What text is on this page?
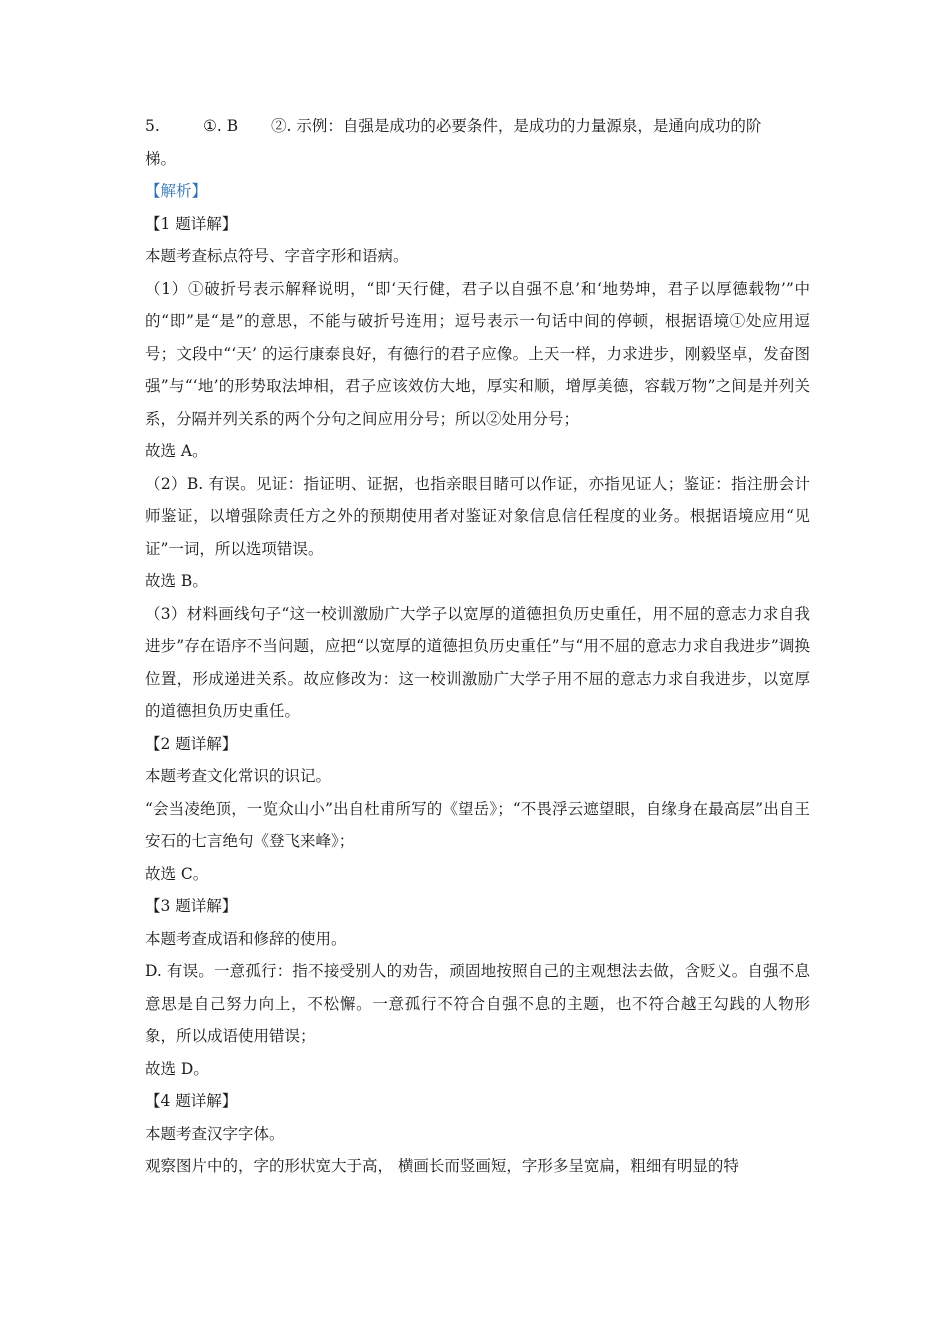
5.	①. B ②. 示例：自强是成功的必要条件，是成功的力量源泉，是通向成功的阶

梯。

【解析】

【1 题详解】

本题考查标点符号、字音字形和语病。

（1）①破折号表示解释说明，“即‘天行健，君子以自强不息’和‘地势坤，君子以厚德载物’”中的“即”是“是”的意思，不能与破折号连用；逗号表示一句话中间的停顿，根据语境①处应用逗号；文段中“‘天’ 的运行康泰良好，有德行的君子应像。上天一样，力求进步，刚毅坚卓，发奋图强”与“‘地’的形势取法坤相，君子应该效仿大地，厚实和顺，增厚美德，容载万物”之间是并列关系，分隔并列关系的两个分句之间应用分号；所以②处用分号；

故选 A。

（2）B. 有误。见证：指证明、证据，也指亲眼目睹可以作证，亦指见证人；鉴证：指注册会计师鉴证，以增强除责任方之外的预期使用者对鉴证对象信息信任程度的业务。根据语境应用“见证”一词，所以选项错误。

故选 B。

（3）材料画线句子“这一校训激励广大学子以宽厚的道德担负历史重任，用不屈的意志力求自我进步”存在语序不当问题，应把“以宽厚的道德担负历史重任”与“用不屈的意志力求自我进步”调换位置，形成递进关系。故应修改为：这一校训激励广大学子用不屈的意志力求自我进步，以宽厚的道德担负历史重任。

【2 题详解】

本题考查文化常识的识记。

“会当凌绝顶，一览众山小”出自杜甫所写的《望岳》；“不畏浮云遮望眼，自缘身在最高层”出自王安石的七言绝句《登飞来峰》；

故选 C。

【3 题详解】

本题考查成语和修辞的使用。

D. 有误。一意孤行：指不接受别人的劝告，顽固地按照自己的主观想法去做，含贬义。自强不息意思是自己努力向上，不松懈。一意孤行不符合自强不息的主题，也不符合越王勾践的人物形象，所以成语使用错误；

故选 D。

【4 题详解】

本题考查汉字字体。

观察图片中的，字的形状宽大于高， 横画长而竖画短，字形多呈宽扁，粗细有明显的特
